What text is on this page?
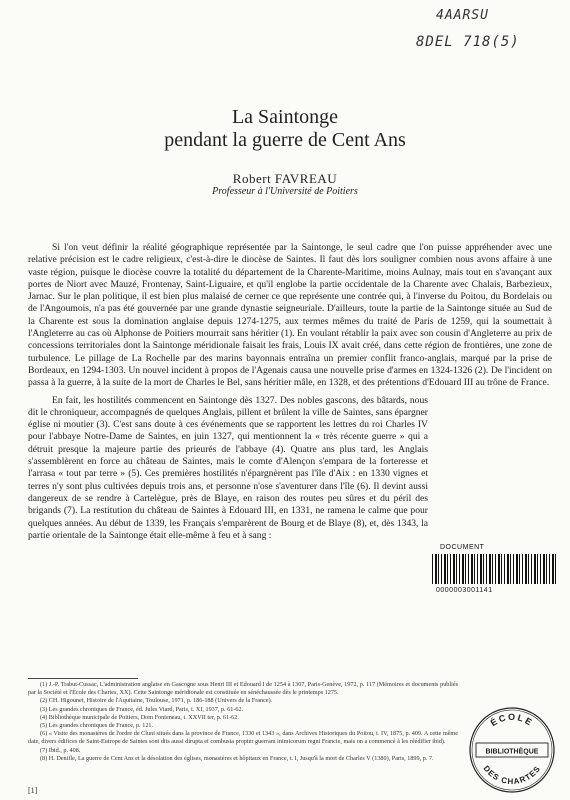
4AARSU
8DEL 718(5)
La Saintonge
pendant la guerre de Cent Ans
Robert FAVREAU
Professeur à l'Université de Poitiers

Si l'on veut définir la réalité géographique représentée par la Saintonge, le seul cadre que l'on puisse appréhender avec une relative précision est le cadre religieux, c'est-à-dire le diocèse de Saintes. Il faut dès lors souligner combien nous avons affaire à une vaste région, puisque le diocèse couvre la totalité du département de la Charente-Maritime, moins Aulnay, mais tout en s'avançant aux portes de Niort avec Mauzé, Frontenay, Saint-Liguaire, et qu'il englobe la partie occidentale de la Charente avec Chalais, Barbezieux, Jarnac. Sur le plan politique, il est bien plus malaisé de cerner ce que représente une contrée qui, à l'inverse du Poitou, du Bordelais ou de l'Angoumois, n'a pas été gouvernée par une grande dynastie seigneuriale. D'ailleurs, toute la partie de la Saintonge située au Sud de la Charente est sous la domination anglaise depuis 1274-1275, aux termes mêmes du traité de Paris de 1259, qui la soumettait à l'Angleterre au cas où Alphonse de Poitiers mourrait sans héritier (1). En voulant rétablir la paix avec son cousin d'Angleterre au prix de concessions territoriales dont la Saintonge méridionale faisait les frais, Louis IX avait créé, dans cette région de frontières, une zone de turbulence. Le pillage de La Rochelle par des marins bayonnais entraîna un premier conflit franco-anglais, marqué par la prise de Bordeaux, en 1294-1303. Un nouvel incident à propos de l'Agenais causa une nouvelle prise d'armes en 1324-1326 (2). De l'incident on passa à la guerre, à la suite de la mort de Charles le Bel, sans héritier mâle, en 1328, et des prétentions d'Edouard III au trône de France.

En fait, les hostilités commencent en Saintonge dès 1327. Des nobles gascons, des bâtards, nous dit le chroniqueur, accompagnés de quelques Anglais, pillent et brûlent la ville de Saintes, sans épargner église ni moutier (3). C'est sans doute à ces événements que se rapportent les lettres du roi Charles IV pour l'abbaye Notre-Dame de Saintes, en juin 1327, qui mentionnent la « très récente guerre » qui a détruit presque la majeure partie des prieurés de l'abbaye (4). Quatre ans plus tard, les Anglais s'assemblèrent en force au château de Saintes, mais le comte d'Alençon s'empara de la forteresse et l'arrasa « tout par terre » (5). Ces premières hostilités n'épargnèrent pas l'île d'Aix : en 1330 vignes et terres n'y sont plus cultivées depuis trois ans, et personne n'ose s'aventurer dans l'île (6). Il devint aussi dangereux de se rendre à Cartelègue, près de Blaye, en raison des routes peu sûres et du péril des brigands (7). La restitution du château de Saintes à Edouard III, en 1331, ne ramena le calme que pour quelques années. Au début de 1339, les Français s'emparèrent de Bourg et de Blaye (8), et, dès 1343, la partie orientale de la Saintonge était elle-même à feu et à sang :

DOCUMENT
0000003001141

(1) J.-P. Trabut-Cussac, L'administration anglaise en Gascogne sous Henri III et Edouard I de 1254 à 1307, Paris-Genève, 1972, p. 117 (Mémoires et documents publiés par la Société et l'École des Chartes, XX). Cette Saintonge méridionale est constituée en sénéchaussée dès le printemps 1275.

(2) CH. Higounet, Histoire de l'Aquitaine, Toulouse, 1971, p. 186-188 (Univers de la France).

(3) Les grandes chroniques de France, éd. Jules Viard, Paris, t. XI, 1937, p. 61-62.

(4) Bibliothèque municipale de Poitiers, Dom Fonteneau, t. XXVII ter, p. 61-62.

(5) Les grandes chroniques de France, p. 121.

(6) « Visite des monastères de l'ordre de Cluni situés dans la province de France, 1330 et 1343 », dans Archives Historiques du Poitou, t. IV, 1875, p. 409. A cette même date, divers édifices de Saint-Eutrope de Saintes sont dits aussi dirupta et combusta propter guerram inimicorum regni Francie, mais on a commencé à les réédifier ibid).

(7) Ibid., p. 408.

(8) H. Denifle, La guerre de Cent Ans et la désolation des églises, monastères et hôpitaux en France, t. I, Jusqu'à la mort de Charles V (1380), Paris, 1899, p. 7.

[1]
ÉCOLE
BIBLIOTHÈQUE
DES CHARTES
